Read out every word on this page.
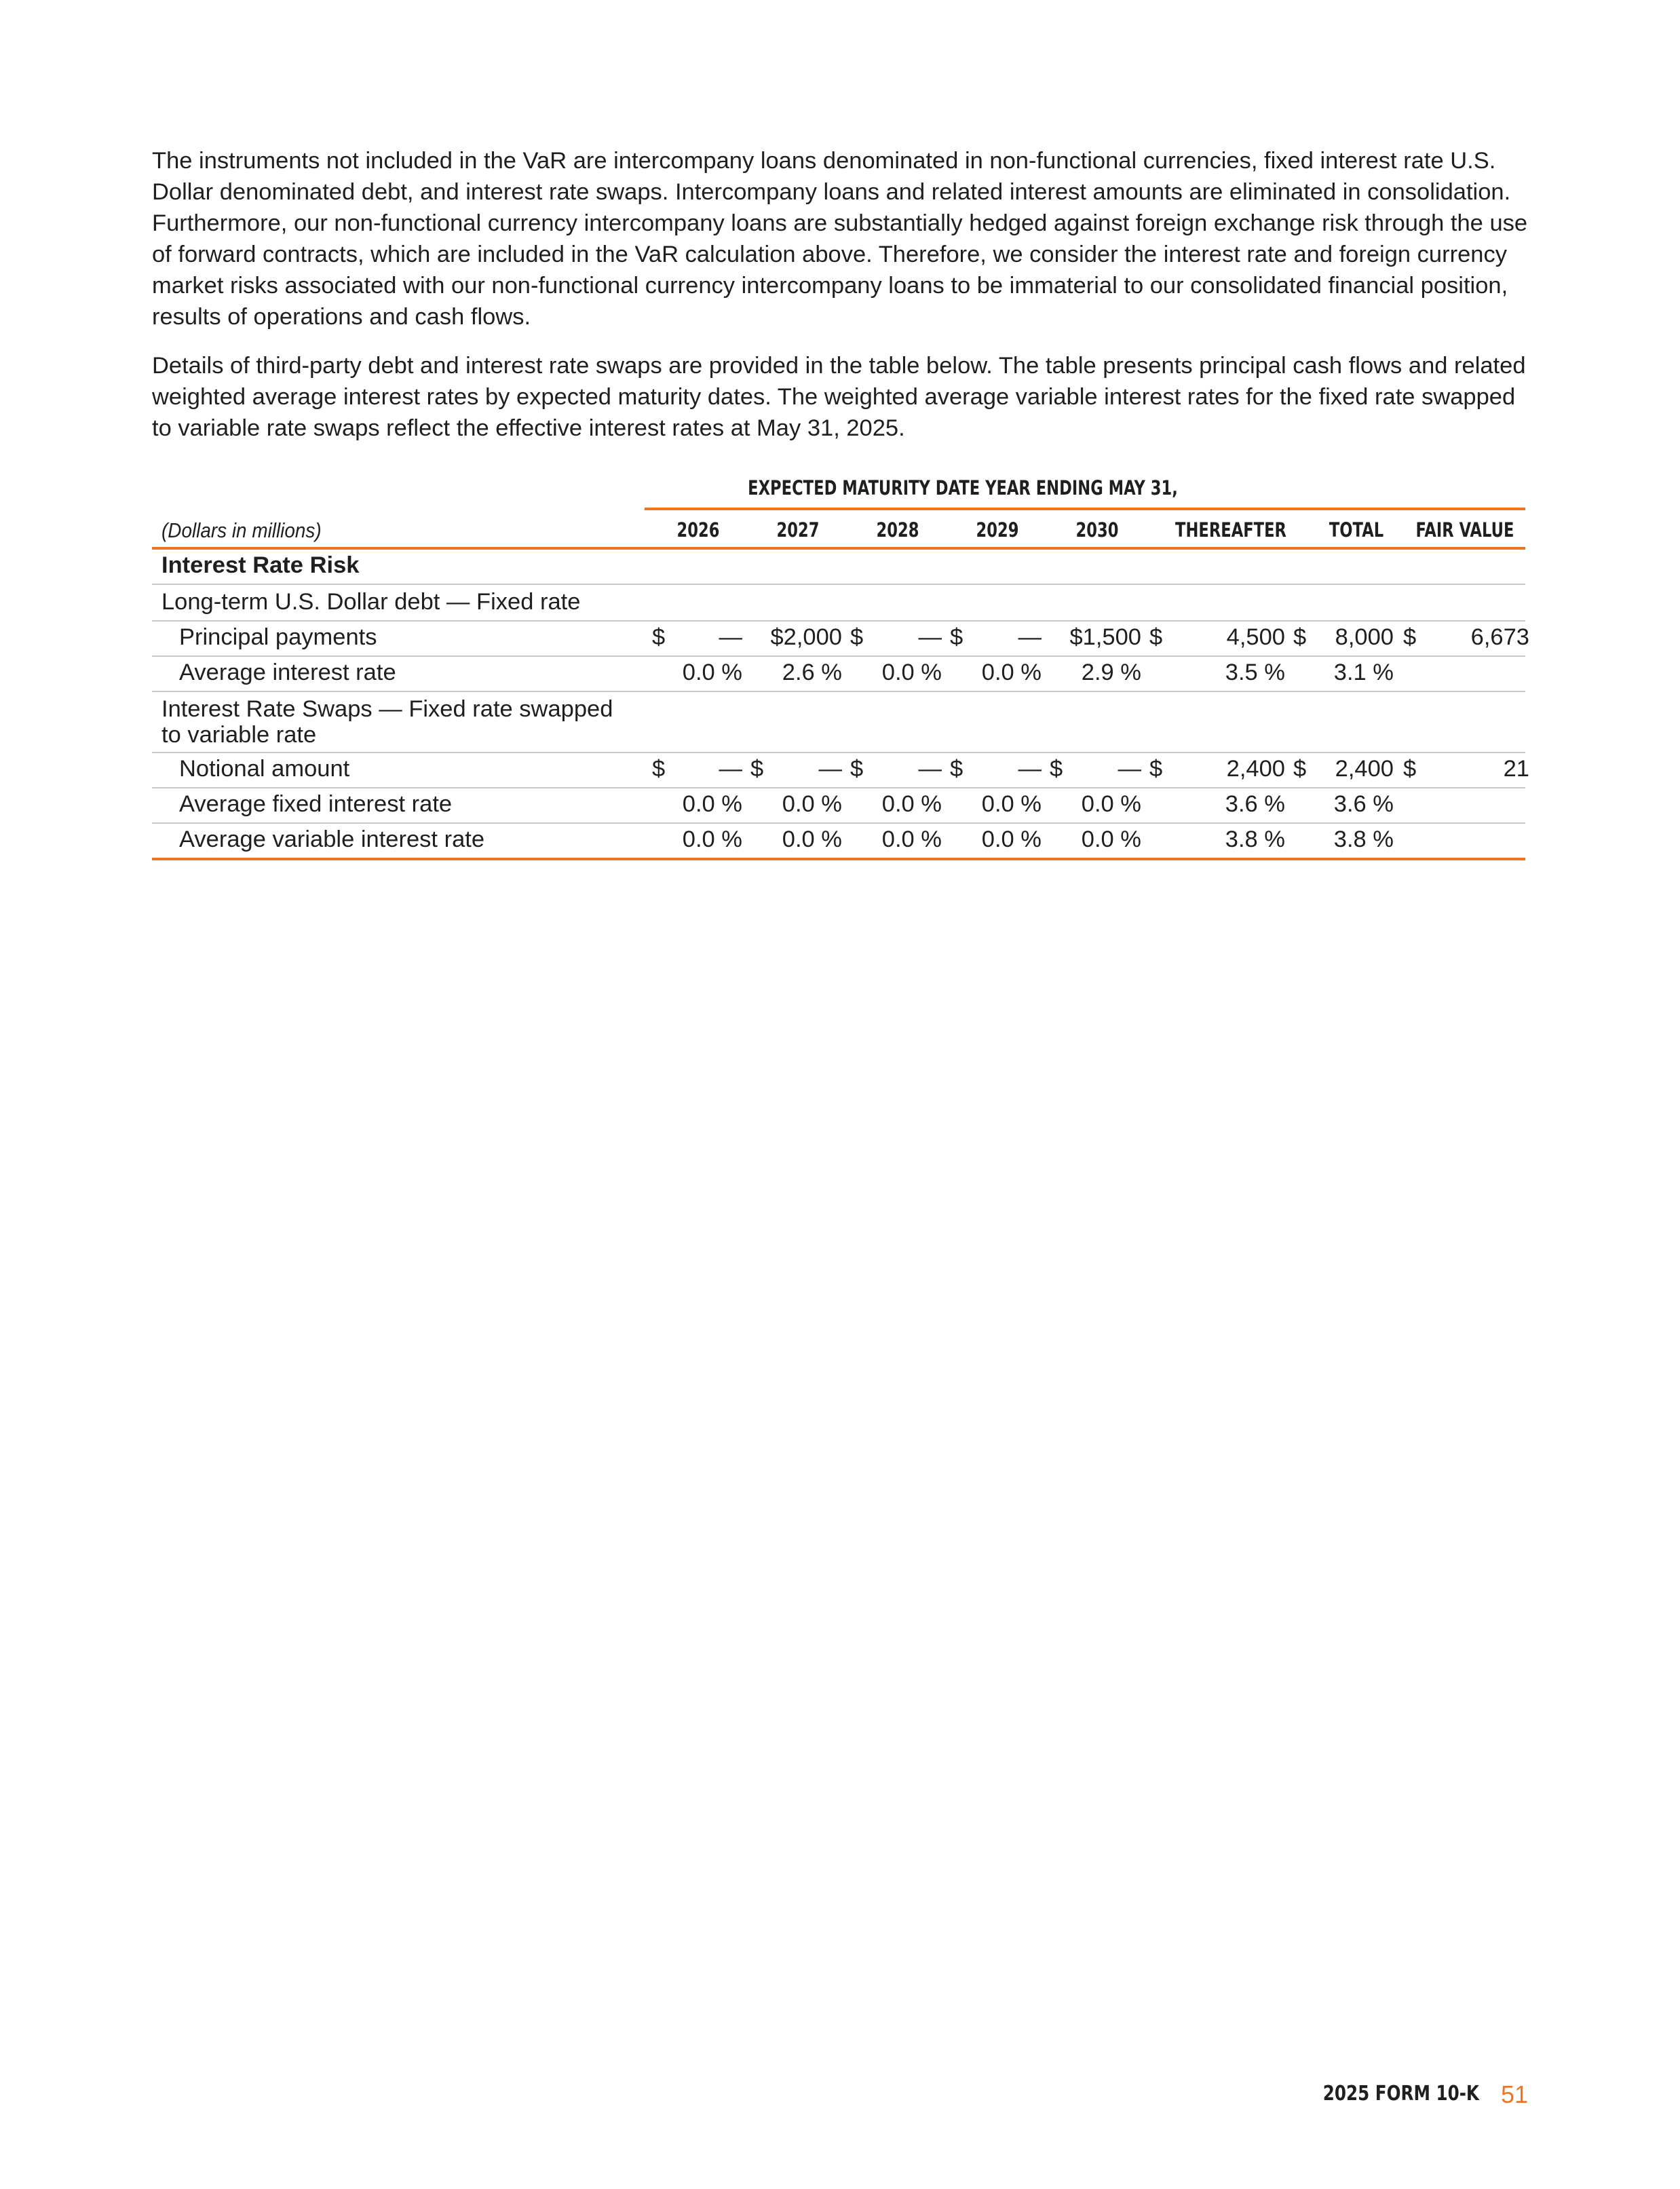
The instruments not included in the VaR are intercompany loans denominated in non-functional currencies, fixed interest rate U.S. Dollar denominated debt, and interest rate swaps. Intercompany loans and related interest amounts are eliminated in consolidation. Furthermore, our non-functional currency intercompany loans are substantially hedged against foreign exchange risk through the use of forward contracts, which are included in the VaR calculation above. Therefore, we consider the interest rate and foreign currency market risks associated with our non-functional currency intercompany loans to be immaterial to our consolidated financial position, results of operations and cash flows.

Details of third-party debt and interest rate swaps are provided in the table below. The table presents principal cash flows and related weighted average interest rates by expected maturity dates. The weighted average variable interest rates for the fixed rate swapped to variable rate swaps reflect the effective interest rates at May 31, 2025.

EXPECTED MATURITY DATE YEAR ENDING MAY 31,
(Dollars in millions)	2026	2027	2028	2029	2030	THEREAFTER	TOTAL	FAIR VALUE
Interest Rate Risk
Long-term U.S. Dollar debt — Fixed rate
Principal payments	$	—	$2,000 $	— $	—	$1,500 $	4,500 $	8,000 $	6,673
Average interest rate	0.0 %	2.6 %	0.0 %	0.0 %	2.9 %	3.5 %	3.1 %
Interest Rate Swaps — Fixed rate swapped
to variable rate
Notional amount	$	— $	— $	— $	— $	— $	2,400 $	2,400 $	21
Average fixed interest rate	0.0 %	0.0 %	0.0 %	0.0 %	0.0 %	3.6 %	3.6 %
Average variable interest rate	0.0 %	0.0 %	0.0 %	0.0 %	0.0 %	3.8 %	3.8 %
2025 FORM 10-K 51
